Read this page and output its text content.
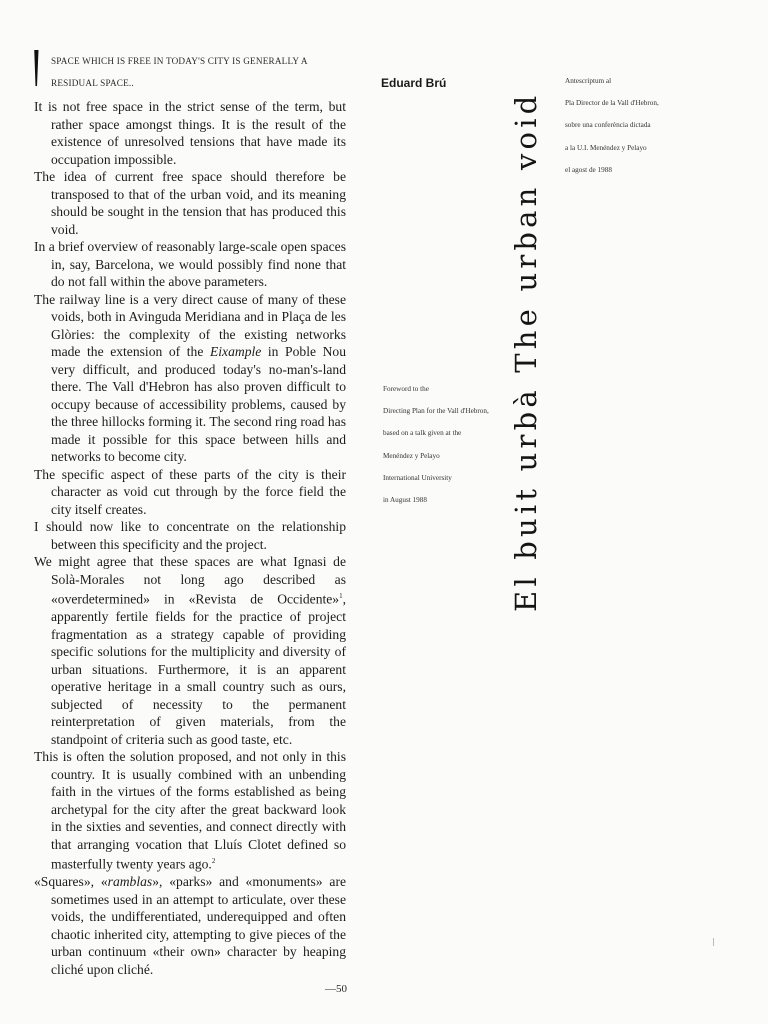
SPACE WHICH IS FREE IN TODAY'S CITY IS GENERALLY A RESIDUAL SPACE..

It is not free space in the strict sense of the term, but rather space amongst things. It is the result of the existence of unresolved tensions that have made its occupation impossible.

The idea of current free space should therefore be transposed to that of the urban void, and its meaning should be sought in the tension that has produced this void.

In a brief overview of reasonably large-scale open spaces in, say, Barcelona, we would possibly find none that do not fall within the above parameters.

The railway line is a very direct cause of many of these voids, both in Avinguda Meridiana and in Plaça de les Glòries: the complexity of the existing networks made the extension of the Eixample in Poble Nou very difficult, and produced today's no-man's-land there. The Vall d'Hebron has also proven difficult to occupy because of accessibility problems, caused by the three hillocks forming it. The second ring road has made it possible for this space between hills and networks to become city.

The specific aspect of these parts of the city is their character as void cut through by the force field the city itself creates.

I should now like to concentrate on the relationship between this specificity and the project.

We might agree that these spaces are what Ignasi de Solà-Morales not long ago described as «overdetermined» in «Revista de Occidente»$^1$, apparently fertile fields for the practice of project fragmentation as a strategy capable of providing specific solutions for the multiplicity and diversity of urban situations. Furthermore, it is an apparent operative heritage in a small country such as ours, subjected of necessity to the permanent reinterpretation of given materials, from the standpoint of criteria such as good taste, etc.

This is often the solution proposed, and not only in this country. It is usually combined with an unbending faith in the virtues of the forms established as being archetypal for the city after the great backward look in the sixties and seventies, and connect directly with that arranging vocation that Lluís Clotet defined so masterfully twenty years ago.$^2$

«Squares», «ramblas», «parks» and «monuments» are sometimes used in an attempt to articulate, over these voids, the undifferentiated, underequipped and often chaotic inherited city, attempting to give pieces of the urban continuum «their own» character by heaping cliché upon cliché.

Eduard Brú
Foreword to the
Directing Plan for the Vall d'Hebron,
based on a talk given at the
Menéndez y Pelayo
International University
in August 1988
Antescriptum al
Pla Director de la Vall d'Hebron,
sobre una conferència dictada
a la U.I. Menéndez y Pelayo
el agost de 1988
El buit urbà The urban void
—50
